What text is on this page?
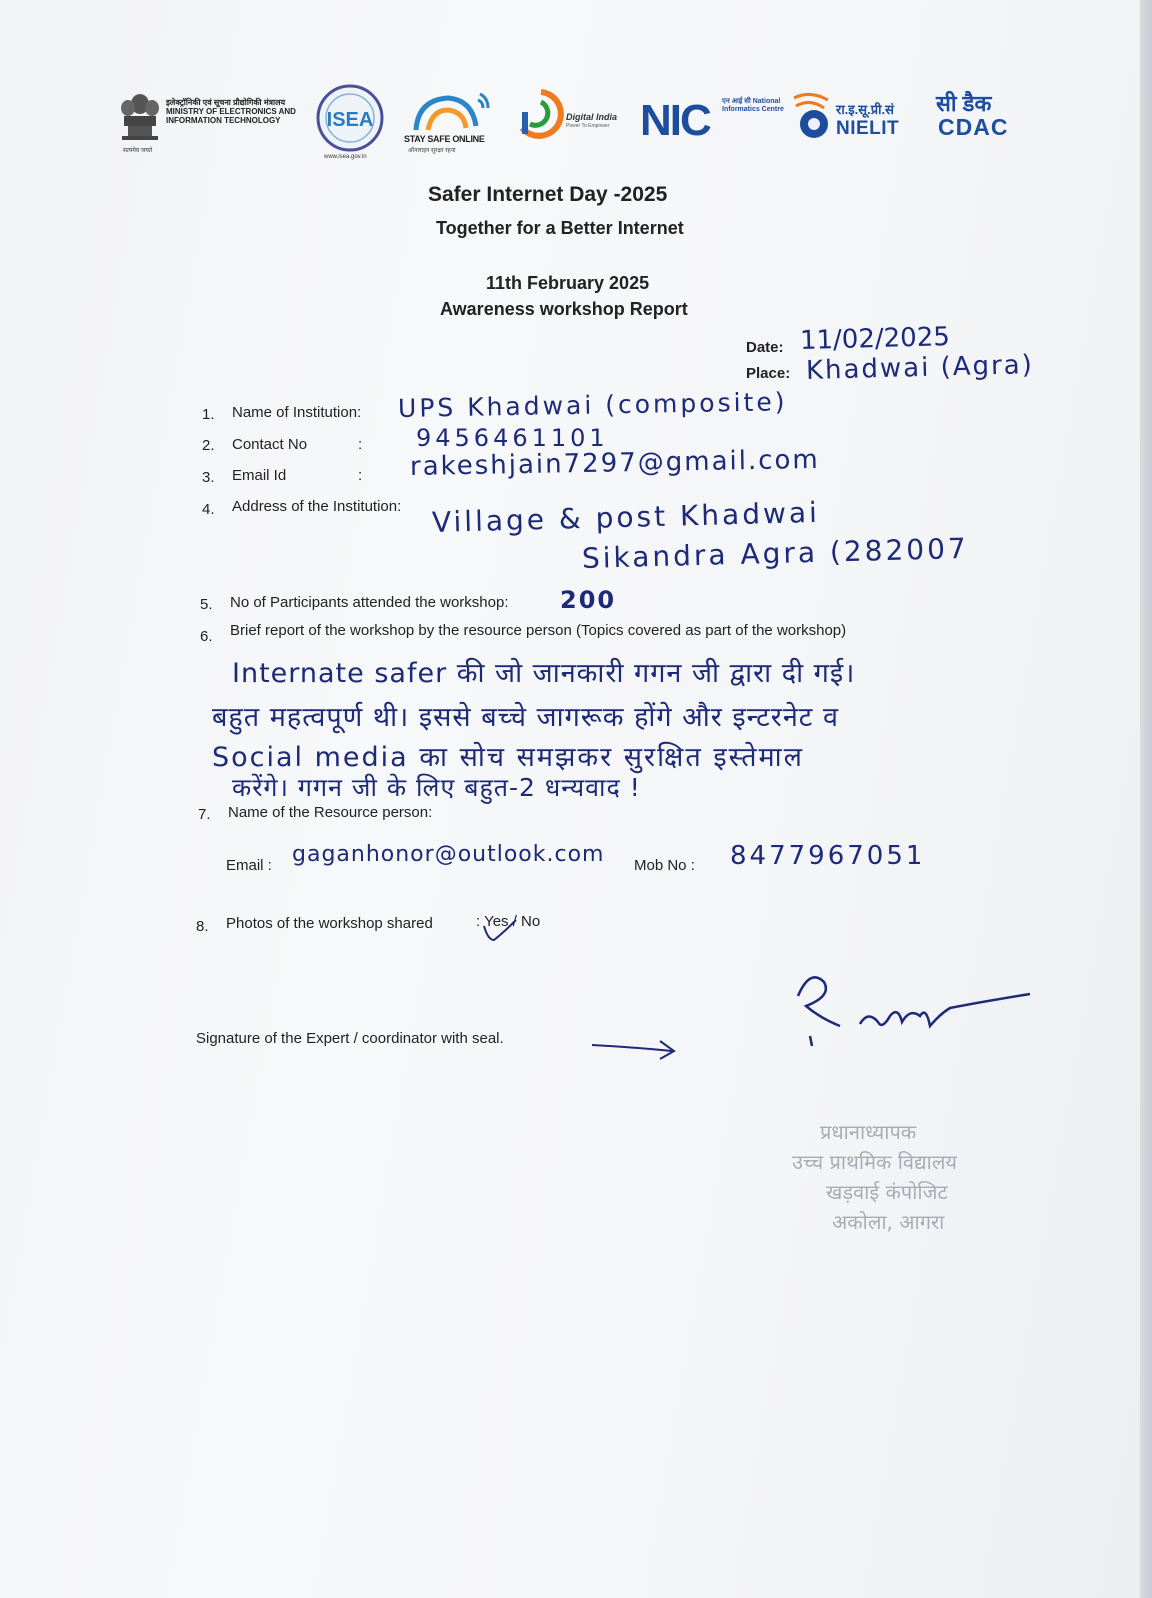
इलेक्ट्रॉनिकी एवं सूचना प्रौद्योगिकी मंत्रालय MINISTRY OF ELECTRONICS AND INFORMATION TECHNOLOGY
सत्यमेव जयते
ISEA
www.isea.gov.in
STAY SAFE ONLINE
ऑनलाइन सुरक्षा रहना
Digital India
Power To Empower NIC एन आई सी National Informatics Centre	रा.इ.सू.प्री.सं
NIELIT
सी डैक
CDAC
Safer Internet Day -2025
Together for a Better Internet
11th February 2025
Awareness workshop Report
Date: 11/02/2025
Place: Khadwai (Agra)
1. Name of Institution: UPS Khadwai (composite)
2. Contact No	: 9456461101
3. Email Id	: rakeshjain7297@gmail.com
4. Address of the Institution: Village & post Khadwai
Sikandra Agra (282007
5. No of Participants attended the workshop: 200
6. Brief report of the workshop by the resource person (Topics covered as part of the workshop)
Internate safer की जो जानकारी गगन जी द्वारा दी गई।
बहुत महत्वपूर्ण थी। इससे बच्चे जागरूक होंगे और इन्टरनेट व
Social media का सोच समझकर सुरक्षित इस्तेमाल
करेंगे। गगन जी के लिए बहुत-2 धन्यवाद !
7. Name of the Resource person:
Email : gaganhonor@outlook.com Mob No : 8477967051
8. Photos of the workshop shared	: Yes / No
Signature of the Expert / coordinator with seal.
प्रधानाध्यापक
उच्च प्राथमिक विद्यालय
खड़वाई कंपोजिट
अकोला, आगरा
